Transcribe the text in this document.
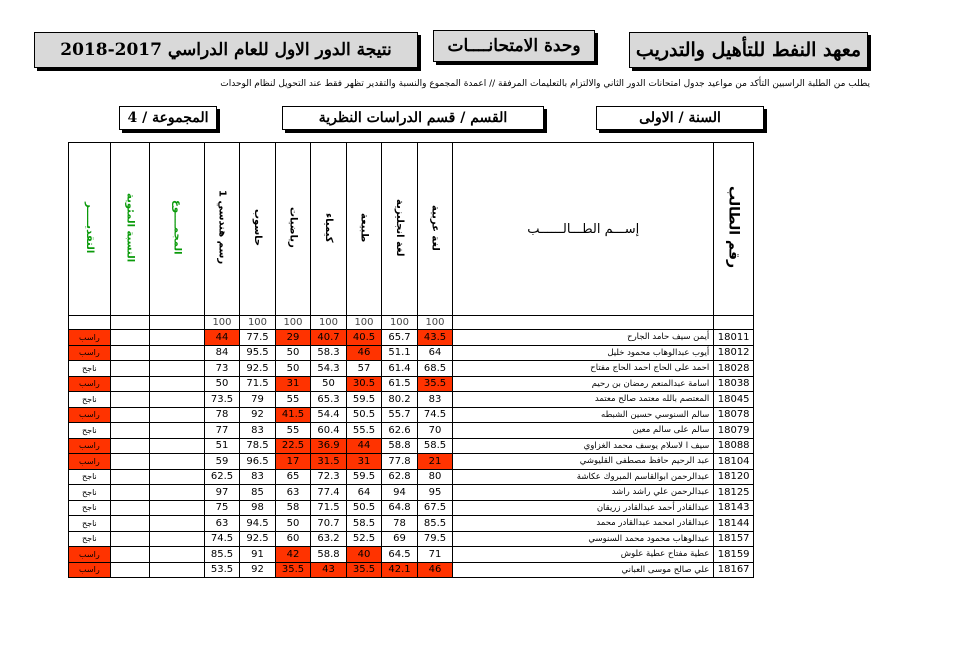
معهد النفط للتأهيل والتدريب
وحدة الامتحانــــات
نتيجة الدور الاول للعام الدراسي 2017-2018
يطلب من الطلبة الراسبين التأكد من مواعيد جدول امتحانات الدور الثاني والالتزام بالتعليمات المرفقة // اعمدة المجموع والنسبة والتقدير تظهر فقط عند التحويل لنظام الوحدات
السنة / الاولى
القسم / قسم الدراسات النظرية
المجموعة / 4
التقديـــــر	النسبة المئوية	المجمــــوع	رسم هندسي 1	حاسوب	رياضيات	كيمياء	طبيعة	لغة انجليزية	لغة عربية	إســـم الطـــالــــــب	رقم الطالب
			100	100	100	100	100	100	100		
راسب			44	77.5	29	40.7	40.5	65.7	43.5	أيمن سيف حامد الجارح	18011
راسب			84	95.5	50	58.3	46	51.1	64	أيوب عبدالوهاب محمود خليل	18012
ناجح			73	92.5	50	54.3	57	61.4	68.5	احمد على الحاج احمد الحاج مفتاح	18028
راسب			50	71.5	31	50	30.5	61.5	35.5	اسامة عبدالمنعم رمضان بن رحيم	18038
ناجح			73.5	79	55	65.3	59.5	80.2	83	المعتصم بالله معتمد صالح معتمد	18045
راسب			78	92	41.5	54.4	50.5	55.7	74.5	سالم السنوسي حسين الشبطه	18078
ناجح			77	83	55	60.4	55.5	62.6	70	سالم على سالم معين	18079
راسب			51	78.5	22.5	36.9	44	58.8	58.5	سيف ا لاسلام يوسف محمد الغزاوي	18088
راسب			59	96.5	17	31.5	31	77.8	21	عبد الرحيم حافظ مصطفى القليوشي	18104
ناجح			62.5	83	65	72.3	59.5	62.8	80	عبدالرحمن ابوالقاسم المبروك عكاشة	18120
ناجح			97	85	63	77.4	64	94	95	عبدالرحمن علي راشد راشد	18125
ناجح			75	98	58	71.5	50.5	64.8	67.5	عبدالقادر أحمد عبدالقادر زريقان	18143
ناجح			63	94.5	50	70.7	58.5	78	85.5	عبدالقادر امحمد عبدالقادر محمد	18144
ناجح			74.5	92.5	60	63.2	52.5	69	79.5	عبدالوهاب محمود محمد السنوسي	18157
راسب			85.5	91	42	58.8	40	64.5	71	عطية مفتاح عطية علوش	18159
راسب			53.5	92	35.5	43	35.5	42.1	46	علي صالح موسى العباني	18167
